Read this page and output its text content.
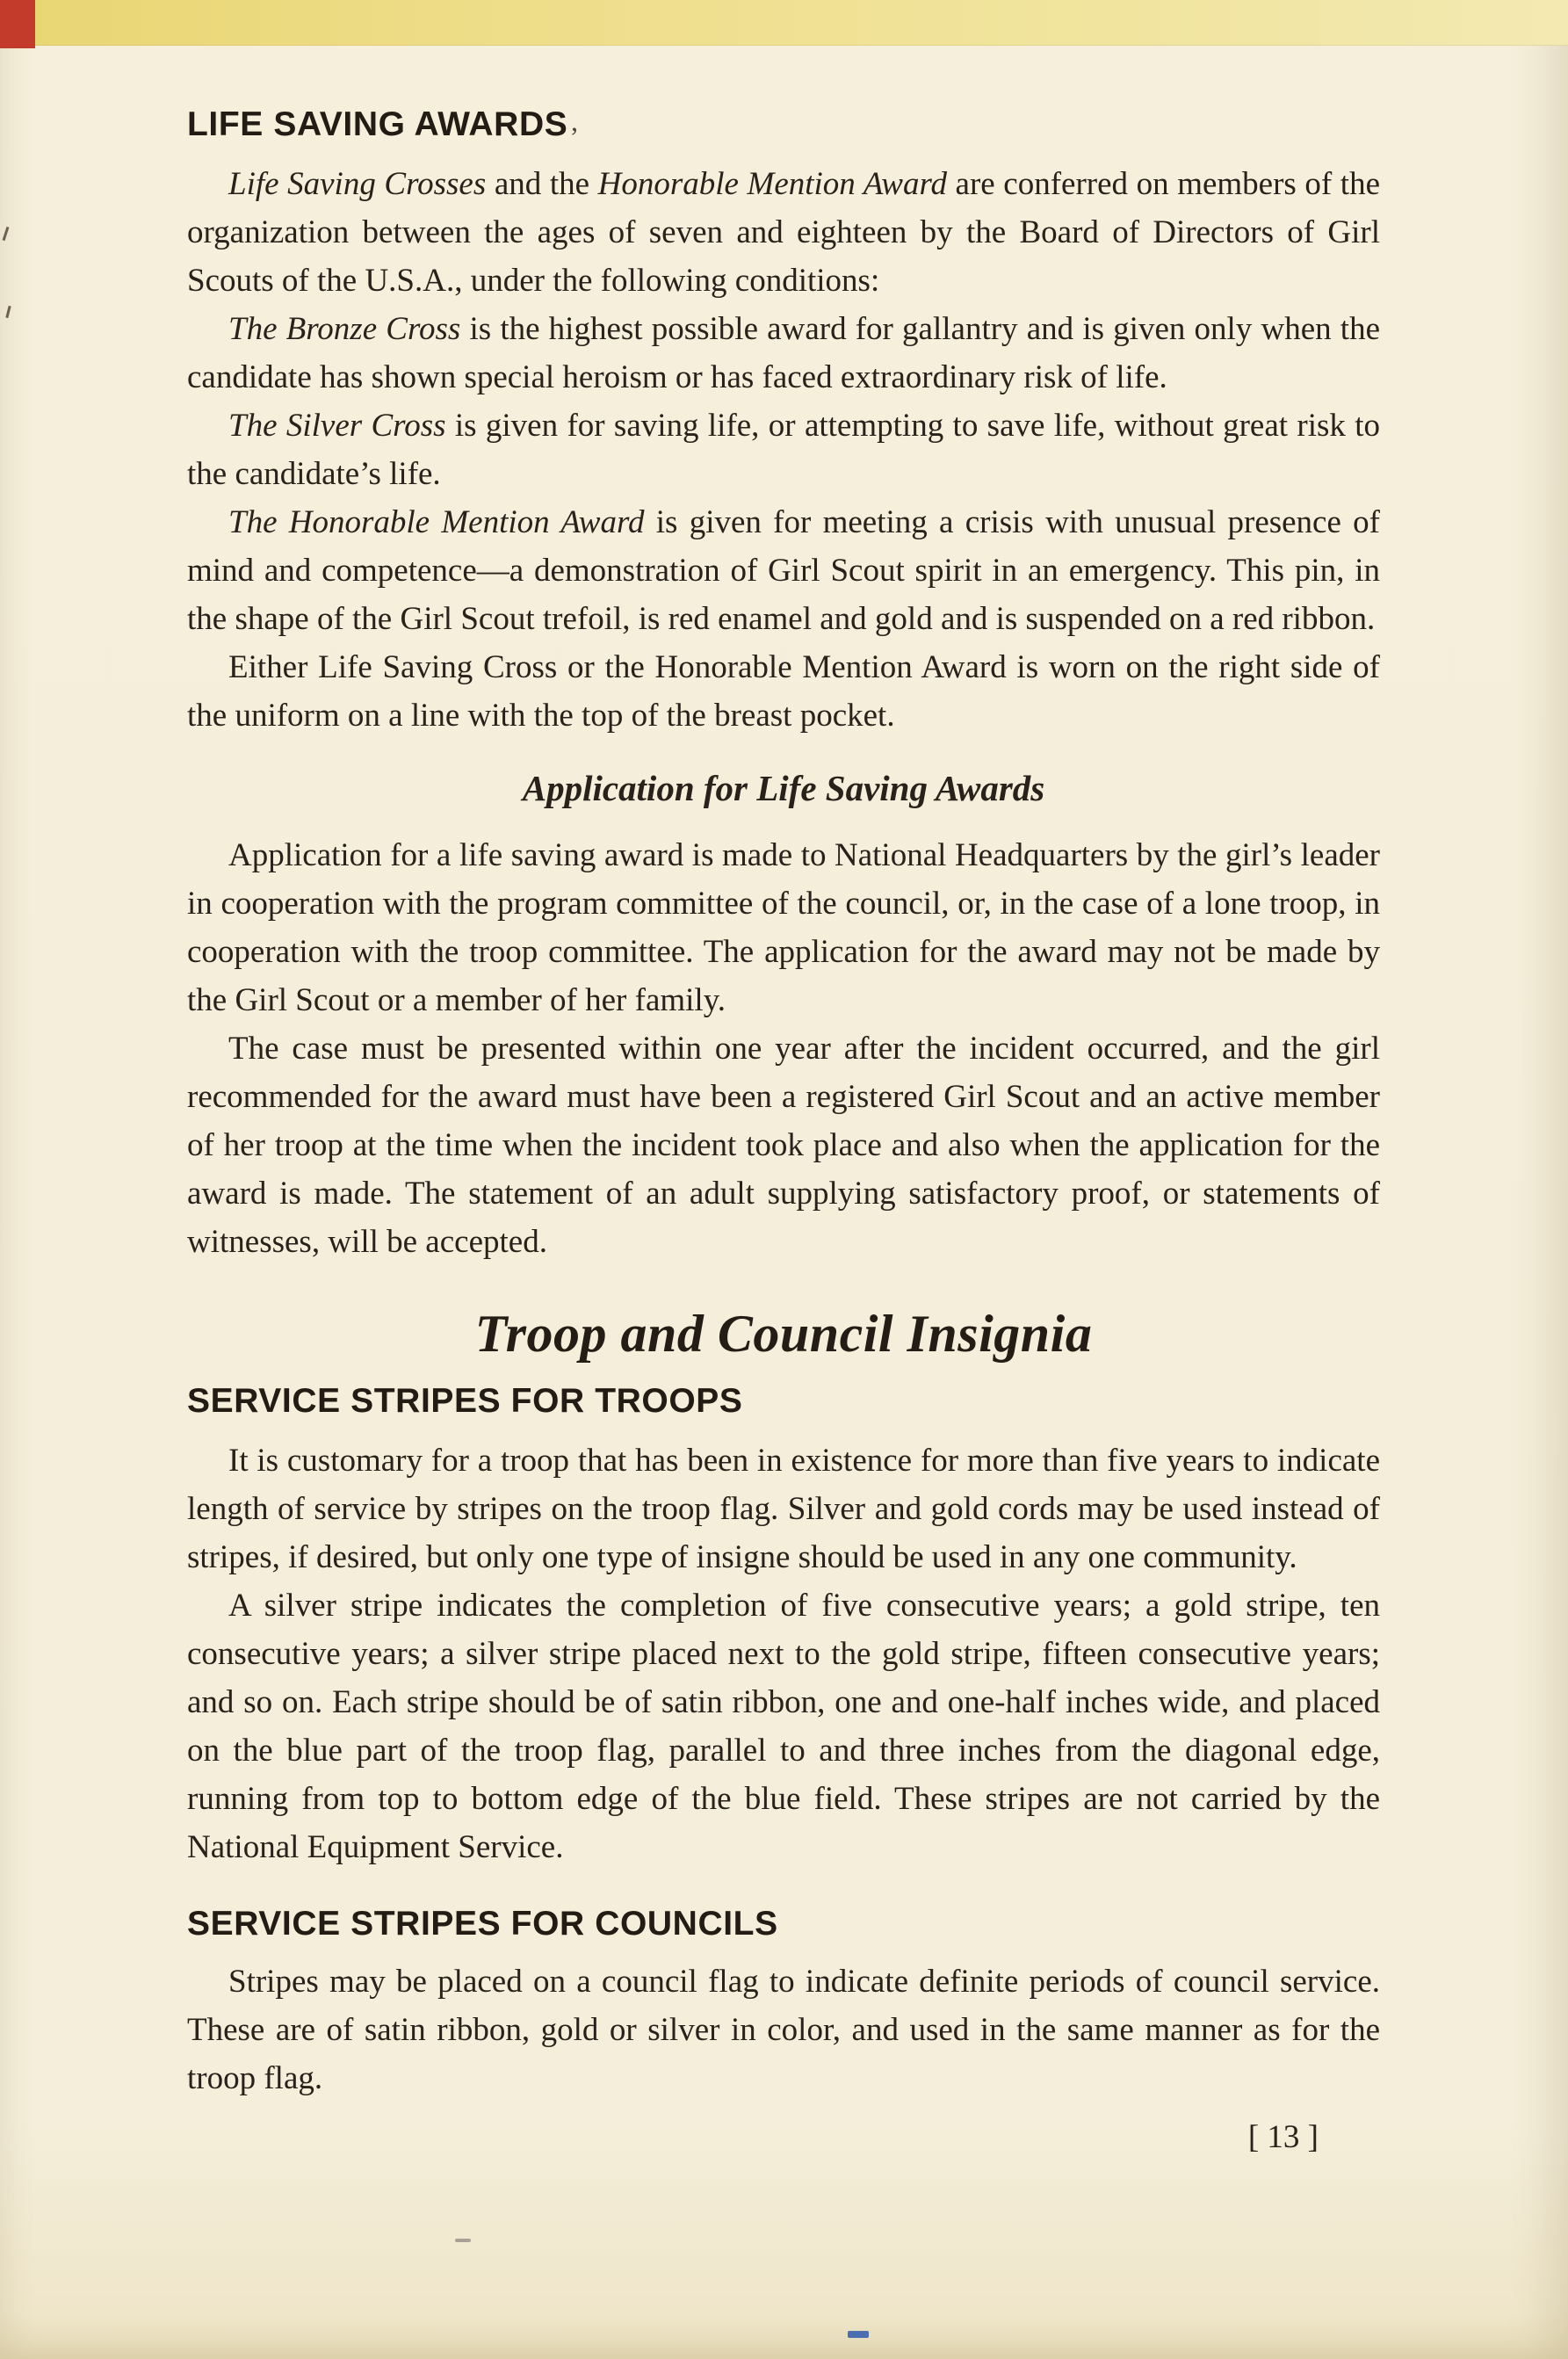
,
LIFE SAVING AWARDS

Life Saving Crosses and the Honorable Mention Award are conferred on members of the organization between the ages of seven and eighteen by the Board of Directors of Girl Scouts of the U.S.A., under the following conditions:

The Bronze Cross is the highest possible award for gallantry and is given only when the candidate has shown special heroism or has faced extraordinary risk of life.

The Silver Cross is given for saving life, or attempting to save life, without great risk to the candidate’s life.

The Honorable Mention Award is given for meeting a crisis with unusual presence of mind and competence—a demonstration of Girl Scout spirit in an emergency. This pin, in the shape of the Girl Scout trefoil, is red enamel and gold and is suspended on a red ribbon.

Either Life Saving Cross or the Honorable Mention Award is worn on the right side of the uniform on a line with the top of the breast pocket.

Application for Life Saving Awards

Application for a life saving award is made to National Headquarters by the girl’s leader in cooperation with the program committee of the council, or, in the case of a lone troop, in cooperation with the troop committee. The application for the award may not be made by the Girl Scout or a member of her family.

The case must be presented within one year after the incident occurred, and the girl recommended for the award must have been a registered Girl Scout and an active member of her troop at the time when the incident took place and also when the application for the award is made. The statement of an adult supplying satisfactory proof, or statements of witnesses, will be accepted.

Troop and Council Insignia
SERVICE STRIPES FOR TROOPS

It is customary for a troop that has been in existence for more than five years to indicate length of service by stripes on the troop flag. Silver and gold cords may be used instead of stripes, if desired, but only one type of insigne should be used in any one community.

A silver stripe indicates the completion of five consecutive years; a gold stripe, ten consecutive years; a silver stripe placed next to the gold stripe, fifteen consecutive years; and so on. Each stripe should be of satin ribbon, one and one-half inches wide, and placed on the blue part of the troop flag, parallel to and three inches from the diagonal edge, running from top to bottom edge of the blue field. These stripes are not carried by the National Equipment Service.

SERVICE STRIPES FOR COUNCILS

Stripes may be placed on a council flag to indicate definite periods of council service. These are of satin ribbon, gold or silver in color, and used in the same manner as for the troop flag.

[ 13 ]
